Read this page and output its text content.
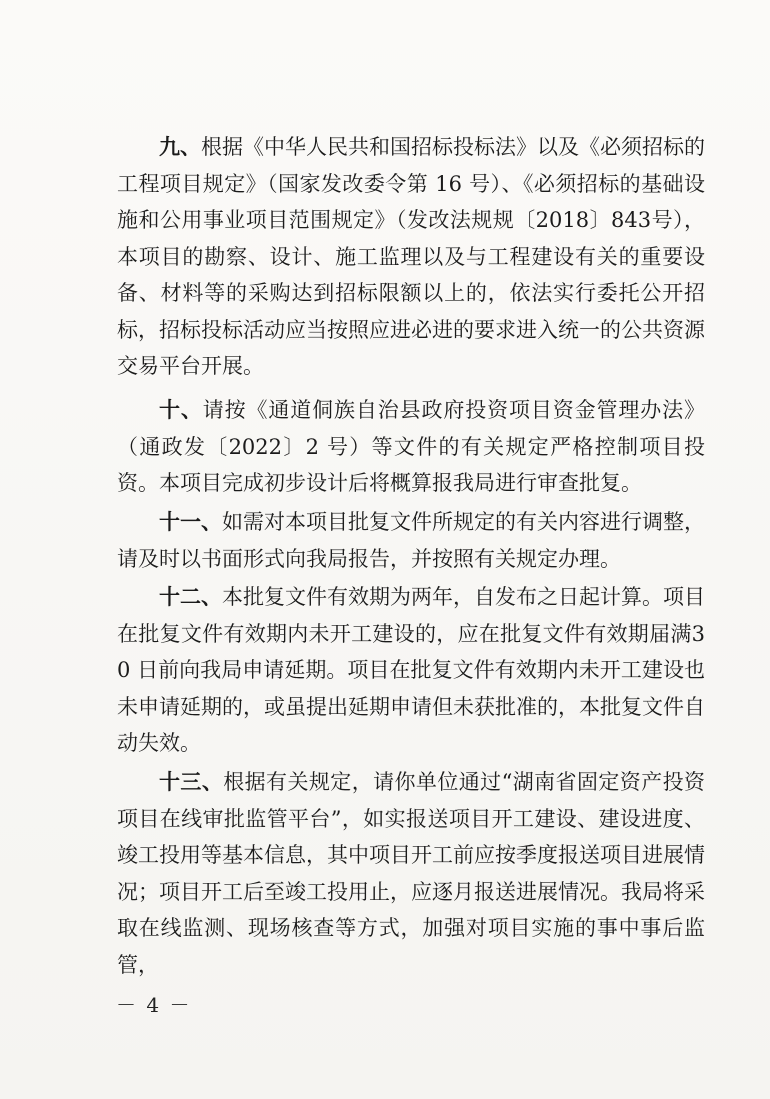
九、根据《中华人民共和国招标投标法》以及《必须招标的工程项目规定》（国家发改委令第 16 号）、《必须招标的基础设施和公用事业项目范围规定》（发改法规规〔2018〕843号），本项目的勘察、设计、施工监理以及与工程建设有关的重要设备、材料等的采购达到招标限额以上的，依法实行委托公开招标，招标投标活动应当按照应进必进的要求进入统一的公共资源交易平台开展。

十、请按《通道侗族自治县政府投资项目资金管理办法》（通政发〔2022〕2 号）等文件的有关规定严格控制项目投资。本项目完成初步设计后将概算报我局进行审查批复。

十一、如需对本项目批复文件所规定的有关内容进行调整，请及时以书面形式向我局报告，并按照有关规定办理。

十二、本批复文件有效期为两年，自发布之日起计算。项目在批复文件有效期内未开工建设的，应在批复文件有效期届满30 日前向我局申请延期。项目在批复文件有效期内未开工建设也未申请延期的，或虽提出延期申请但未获批准的，本批复文件自动失效。

十三、根据有关规定，请你单位通过“湖南省固定资产投资项目在线审批监管平台”，如实报送项目开工建设、建设进度、竣工投用等基本信息，其中项目开工前应按季度报送项目进展情况；项目开工后至竣工投用止，应逐月报送进展情况。我局将采取在线监测、现场核查等方式，加强对项目实施的事中事后监管，

－ 4 －
